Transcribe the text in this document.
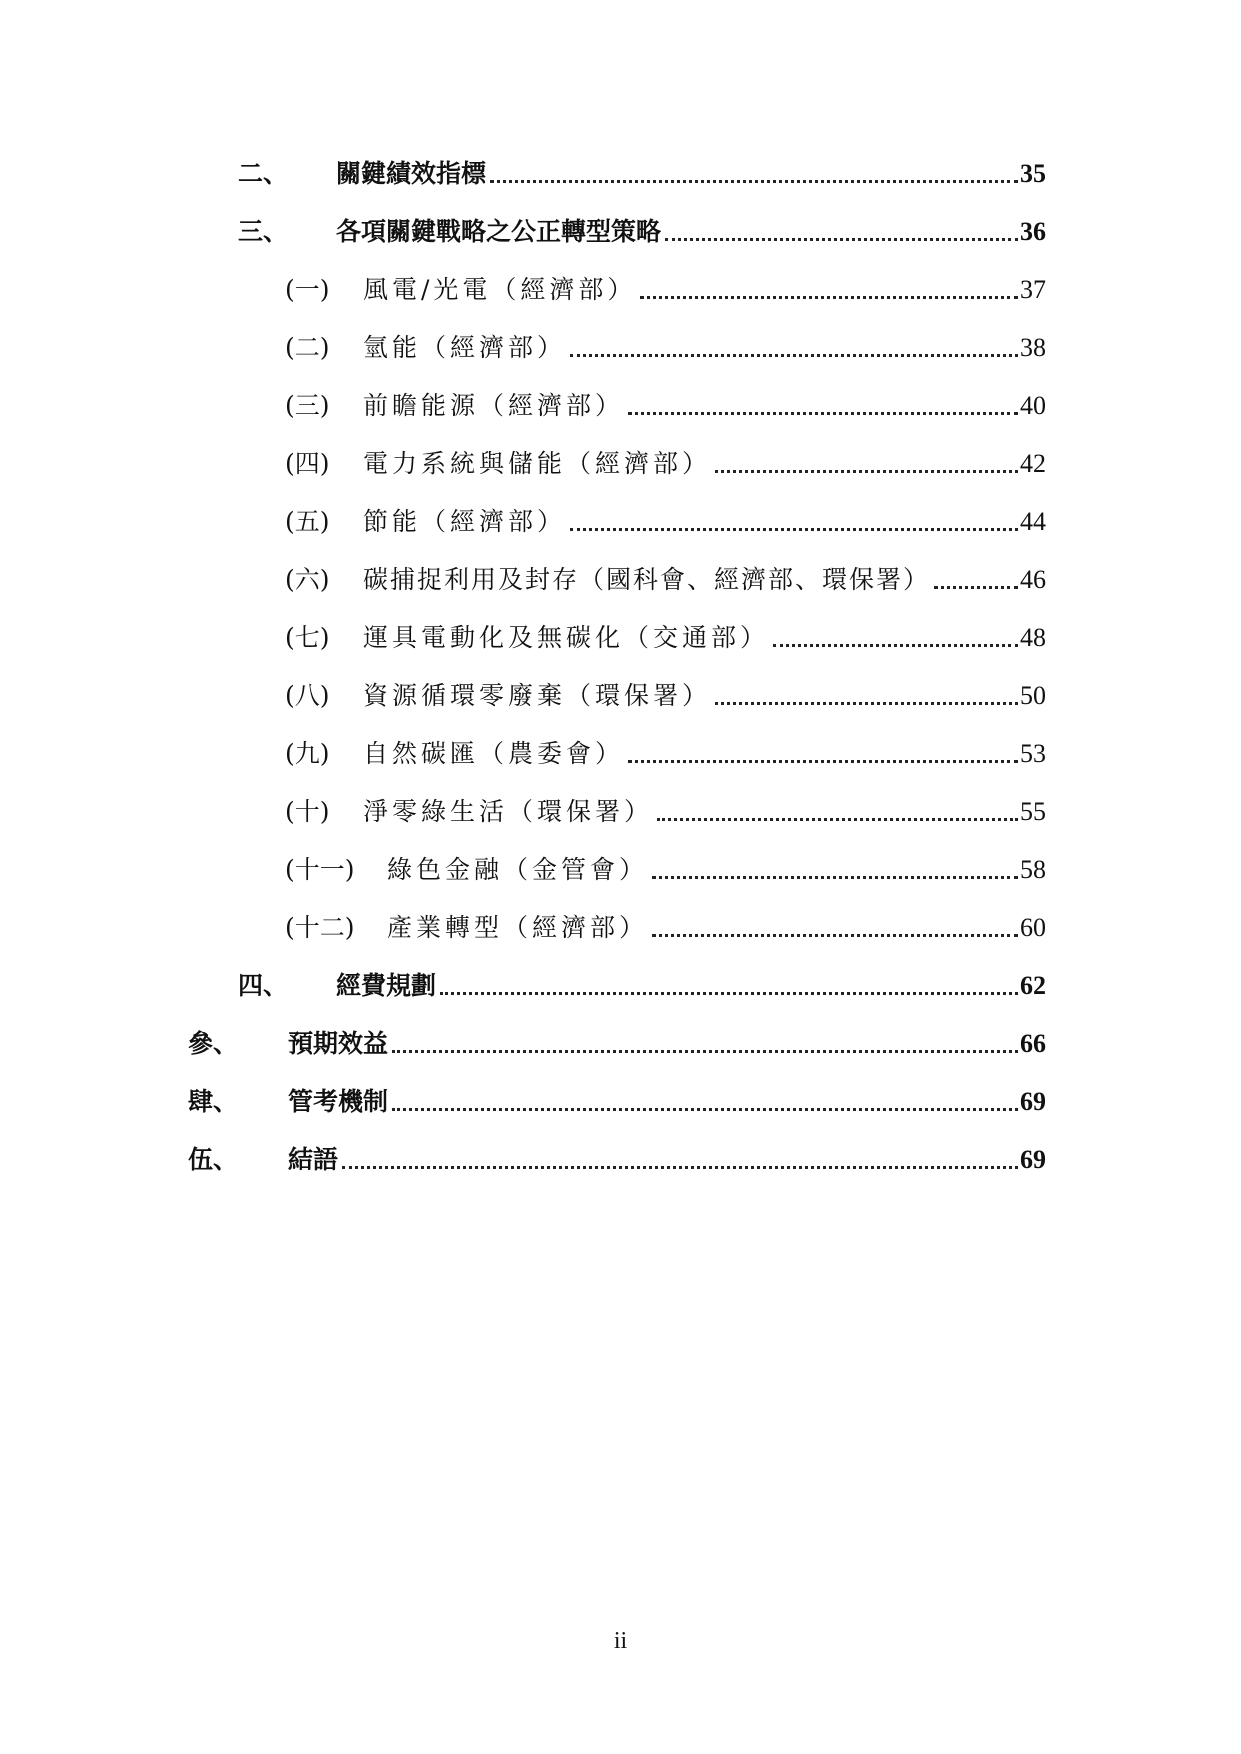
二、	關鍵績效指標	35
三、	各項關鍵戰略之公正轉型策略	36
(一)	風電/光電（經濟部）	37
(二)	氫能（經濟部）	38
(三)	前瞻能源（經濟部）	40
(四)	電力系統與儲能（經濟部）	42
(五)	節能（經濟部）	44
(六)	碳捕捉利用及封存（國科會、經濟部、環保署）	46
(七)	運具電動化及無碳化（交通部）	48
(八)	資源循環零廢棄（環保署）	50
(九)	自然碳匯（農委會）	53
(十)	淨零綠生活（環保署）	55
(十一)	綠色金融（金管會）	58
(十二)	產業轉型（經濟部）	60
四、	經費規劃	62
參、	預期效益	66
肆、	管考機制	69
伍、	結語	69
ii
